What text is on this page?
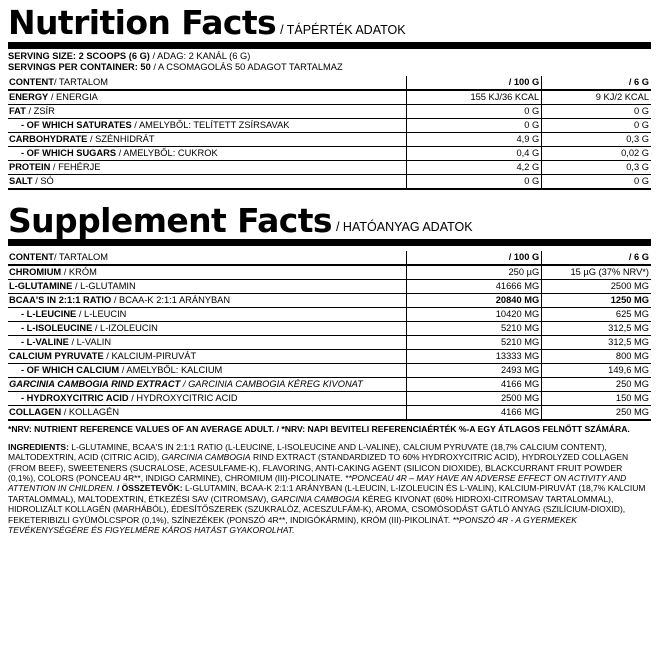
Nutrition Facts / TÁPÉRTÉK ADATOK
SERVING SIZE: 2 SCOOPS (6 G) / ADAG: 2 KANÁL (6 G)
SERVINGS PER CONTAINER: 50 / A CSOMAGOLÁS 50 ADAGOT TARTALMAZ
CONTENT/ TARTALOM	/ 100 G	/ 6 G
ENERGY / ENERGIA	155 KJ/36 KCAL	9 KJ/2 KCAL
FAT / ZSÍR	0 G	0 G
- OF WHICH SATURATES / AMELYBŐL: TELÍTETT ZSÍRSAVAK	0 G	0 G
CARBOHYDRATE / SZÉNHIDRÁT	4,9 G	0,3 G
- OF WHICH SUGARS / AMELYBŐL: CUKROK	0,4 G	0,02 G
PROTEIN / FEHÉRJE	4,2 G	0,3 G
SALT / SÓ	0 G	0 G
Supplement Facts / HATÓANYAG ADATOK
CONTENT/ TARTALOM	/ 100 G	/ 6 G
CHROMIUM / KRÓM	250 µG	15 µG (37% NRV*)
L-GLUTAMINE / L-GLUTAMIN	41666 MG	2500 MG
BCAA'S IN 2:1:1 RATIO / BCAA-K 2:1:1 ARÁNYBAN	20840 MG	1250 MG
- L-LEUCINE / L-LEUCIN	10420 MG	625 MG
- L-ISOLEUCINE / L-IZOLEUCIN	5210 MG	312,5 MG
- L-VALINE / L-VALIN	5210 MG	312,5 MG
CALCIUM PYRUVATE / KALCIUM-PIRUVÁT	13333 MG	800 MG
- OF WHICH CALCIUM / AMELYBŐL: KALCIUM	2493 MG	149,6 MG
GARCINIA CAMBOGIA RIND EXTRACT / GARCINIA CAMBOGIA KÉREG KIVONAT	4166 MG	250 MG
- HYDROXYCITRIC ACID / HYDROXYCITRIC ACID	2500 MG	150 MG
COLLAGEN / KOLLAGÉN	4166 MG	250 MG
*NRV: NUTRIENT REFERENCE VALUES OF AN AVERAGE ADULT. / *NRV: NAPI BEVITELI REFERENCIAÉRTÉK %-A EGY ÁTLAGOS FELNŐTT SZÁMÁRA.
INGREDIENTS: L-GLUTAMINE, BCAA'S IN 2:1:1 RATIO (L-LEUCINE, L-ISOLEUCINE AND L-VALINE), CALCIUM PYRUVATE (18,7% CALCIUM CONTENT), MALTODEXTRIN, ACID (CITRIC ACID), GARCINIA CAMBOGIA RIND EXTRACT (STANDARDIZED TO 60% HYDROXYCITRIC ACID), HYDROLYZED COLLAGEN (FROM BEEF), SWEETENERS (SUCRALOSE, ACESULFAME-K), FLAVORING, ANTI-CAKING AGENT (SILICON DIOXIDE), BLACKCURRANT FRUIT POWDER (0,1%), COLORS (PONCEAU 4R**, INDIGO CARMINE), CHROMIUM (III)-PICOLINATE. **PONCEAU 4R – MAY HAVE AN ADVERSE EFFECT ON ACTIVITY AND ATTENTION IN CHILDREN. / ÖSSZETEVŐK: L-GLUTAMIN, BCAA-K 2:1:1 ARÁNYBAN (L-LEUCIN, L-IZOLEUCIN ÉS L-VALIN), KALCIUM-PIRUVÁT (18,7% KALCIUM TARTALOMMAL), MALTODEXTRIN, ÉTKEZÉSI SAV (CITROMSAV), GARCINIA CAMBOGIA KÉREG KIVONAT (60% HIDROXI-CITROMSAV TARTALOMMAL), HIDROLIZÁLT KOLLAGÉN (MARHÁBÓL), ÉDESÍTŐSZEREK (SZUKRALÓZ, ACESZULFÁM-K), AROMA, CSOMÓSODÁST GÁTLÓ ANYAG (SZILÍCIUM-DIOXID), FEKETERIBIZLI GYÜMÖLCSPOR (0,1%), SZÍNEZÉKEK (PONSZÓ 4R**, INDIGÓKÁRMIN), KRÓM (III)-PIKOLINÁT. **PONSZÓ 4R - A GYERMEKEK TEVÉKENYSÉGÉRE ÉS FIGYELMÉRE KÁROS HATÁST GYAKOROLHAT.
